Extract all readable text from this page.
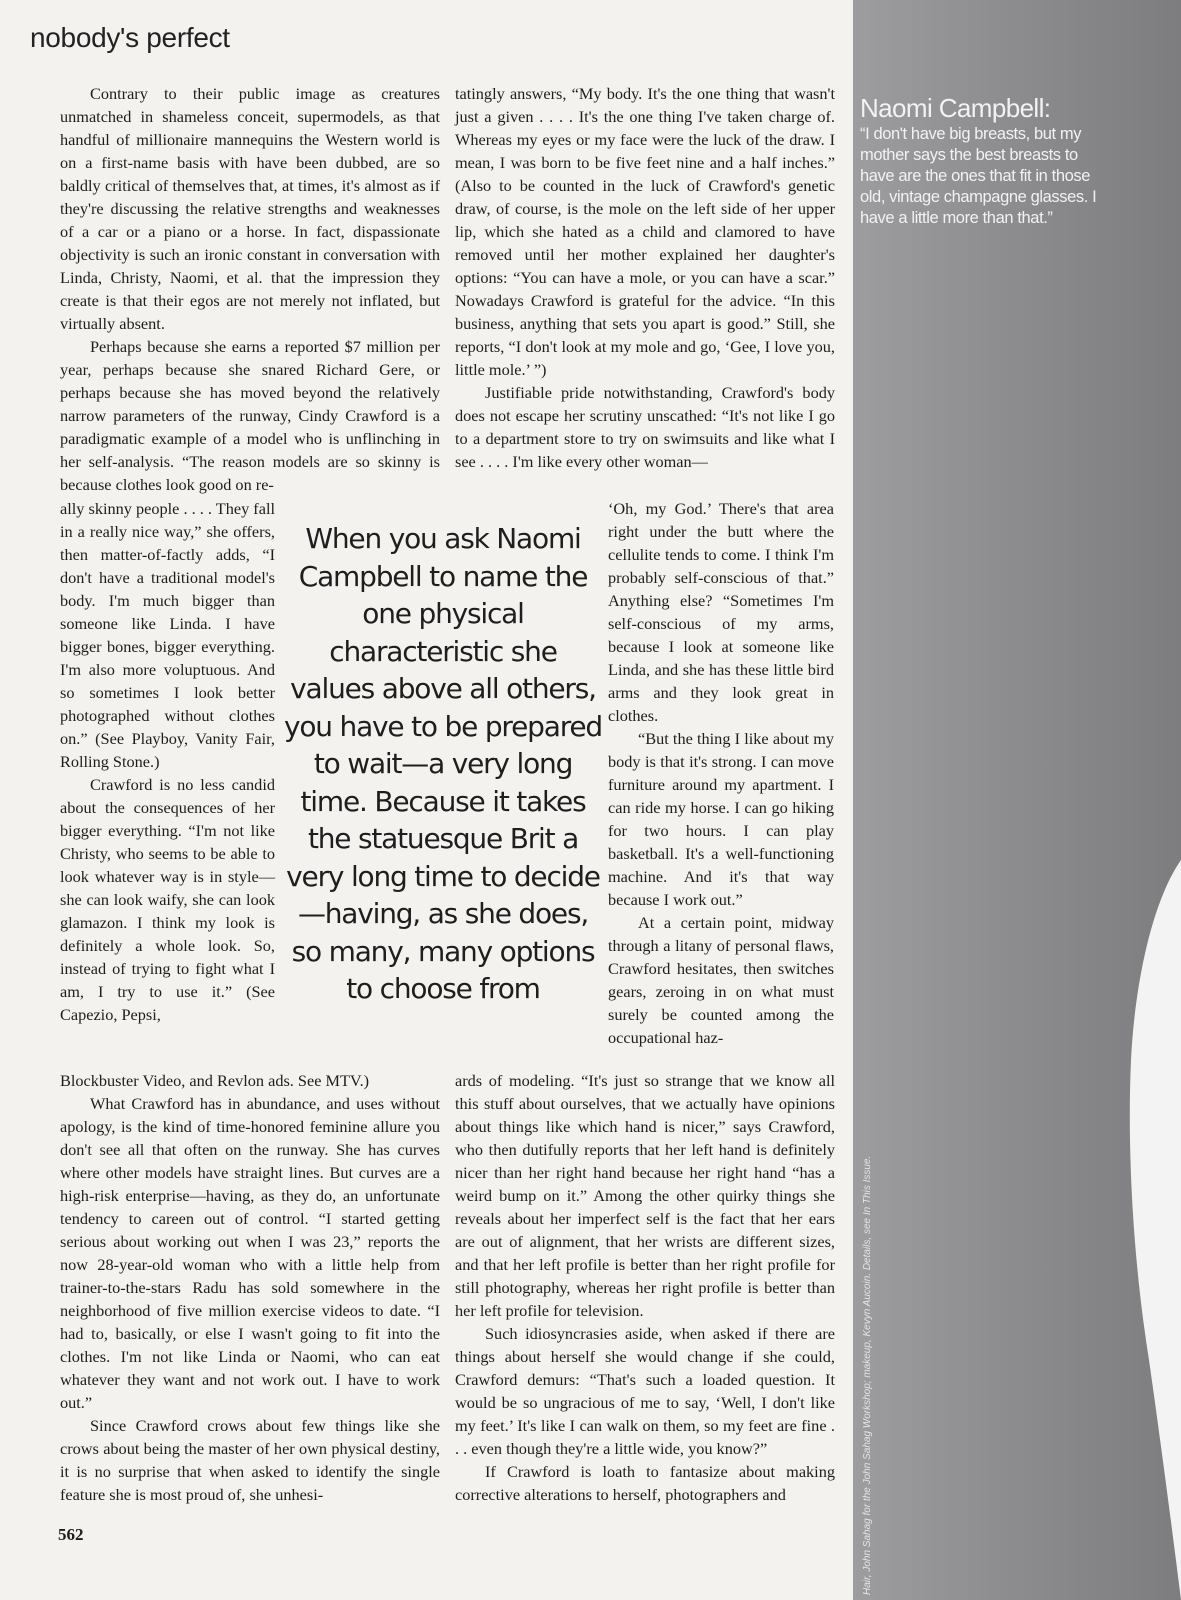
nobody's perfect

Contrary to their public image as creatures unmatched in shameless conceit, supermodels, as that handful of millionaire mannequins the Western world is on a first-name basis with have been dubbed, are so baldly critical of themselves that, at times, it's almost as if they're discussing the relative strengths and weaknesses of a car or a piano or a horse. In fact, dispassionate objectivity is such an ironic constant in conversation with Linda, Christy, Naomi, et al. that the impression they create is that their egos are not merely not inflated, but virtually absent.

Perhaps because she earns a reported $7 million per year, perhaps because she snared Richard Gere, or perhaps because she has moved beyond the relatively narrow parameters of the runway, Cindy Crawford is a paradigmatic example of a model who is unflinching in her self-analysis. “The reason models are so skinny is because clothes look good on re-

ally skinny people . . . . They fall in a really nice way,” she offers, then matter-of-factly adds, “I don't have a traditional model's body. I'm much bigger than someone like Linda. I have bigger bones, bigger everything. I'm also more voluptuous. And so sometimes I look better photographed without clothes on.” (See Playboy, Vanity Fair, Rolling Stone.)

Crawford is no less candid about the consequences of her bigger everything. “I'm not like Christy, who seems to be able to look whatever way is in style—she can look waify, she can look glamazon. I think my look is definitely a whole look. So, instead of trying to fight what I am, I try to use it.” (See Capezio, Pepsi,

Blockbuster Video, and Revlon ads. See MTV.)

What Crawford has in abundance, and uses without apology, is the kind of time-honored feminine allure you don't see all that often on the runway. She has curves where other models have straight lines. But curves are a high-risk enterprise—having, as they do, an unfortunate tendency to careen out of control. “I started getting serious about working out when I was 23,” reports the now 28-year-old woman who with a little help from trainer-to-the-stars Radu has sold somewhere in the neighborhood of five million exercise videos to date. “I had to, basically, or else I wasn't going to fit into the clothes. I'm not like Linda or Naomi, who can eat whatever they want and not work out. I have to work out.”

Since Crawford crows about few things like she crows about being the master of her own physical destiny, it is no surprise that when asked to identify the single feature she is most proud of, she unhesi-

tatingly answers, “My body. It's the one thing that wasn't just a given . . . . It's the one thing I've taken charge of. Whereas my eyes or my face were the luck of the draw. I mean, I was born to be five feet nine and a half inches.” (Also to be counted in the luck of Crawford's genetic draw, of course, is the mole on the left side of her upper lip, which she hated as a child and clamored to have removed until her mother explained her daughter's options: “You can have a mole, or you can have a scar.” Nowadays Crawford is grateful for the advice. “In this business, anything that sets you apart is good.” Still, she reports, “I don't look at my mole and go, ‘Gee, I love you, little mole.’ ”)

Justifiable pride notwithstanding, Crawford's body does not escape her scrutiny unscathed: “It's not like I go to a department store to try on swimsuits and like what I see . . . . I'm like every other woman—

‘Oh, my God.’ There's that area right under the butt where the cellulite tends to come. I think I'm probably self-conscious of that.” Anything else? “Sometimes I'm self-conscious of my arms, because I look at someone like Linda, and she has these little bird arms and they look great in clothes.

“But the thing I like about my body is that it's strong. I can move furniture around my apartment. I can ride my horse. I can go hiking for two hours. I can play basketball. It's a well-functioning machine. And it's that way because I work out.”

At a certain point, midway through a litany of personal flaws, Crawford hesitates, then switches gears, zeroing in on what must surely be counted among the occupational haz-

ards of modeling. “It's just so strange that we know all this stuff about ourselves, that we actually have opinions about things like which hand is nicer,” says Crawford, who then dutifully reports that her left hand is definitely nicer than her right hand because her right hand “has a weird bump on it.” Among the other quirky things she reveals about her imperfect self is the fact that her ears are out of alignment, that her wrists are different sizes, and that her left profile is better than her right profile for still photography, whereas her right profile is better than her left profile for television.

Such idiosyncrasies aside, when asked if there are things about herself she would change if she could, Crawford demurs: “That's such a loaded question. It would be so ungracious of me to say, ‘Well, I don't like my feet.’ It's like I can walk on them, so my feet are fine . . . even though they're a little wide, you know?”

If Crawford is loath to fantasize about making corrective alterations to herself, photographers and

When you ask Naomi Campbell to name the one physical characteristic she values above all others, you have to be prepared to wait—a very long time. Because it takes the statuesque Brit a very long time to decide—having, as she does, so many, many options to choose from

562
Naomi Campbell:
“I don't have big breasts, but my mother says the best breasts to have are the ones that fit in those old, vintage champagne glasses. I have a little more than that.”
Hair, John Sahag for the John Sahag Workshop; makeup, Kevyn Aucoin. Details, see In This Issue.
